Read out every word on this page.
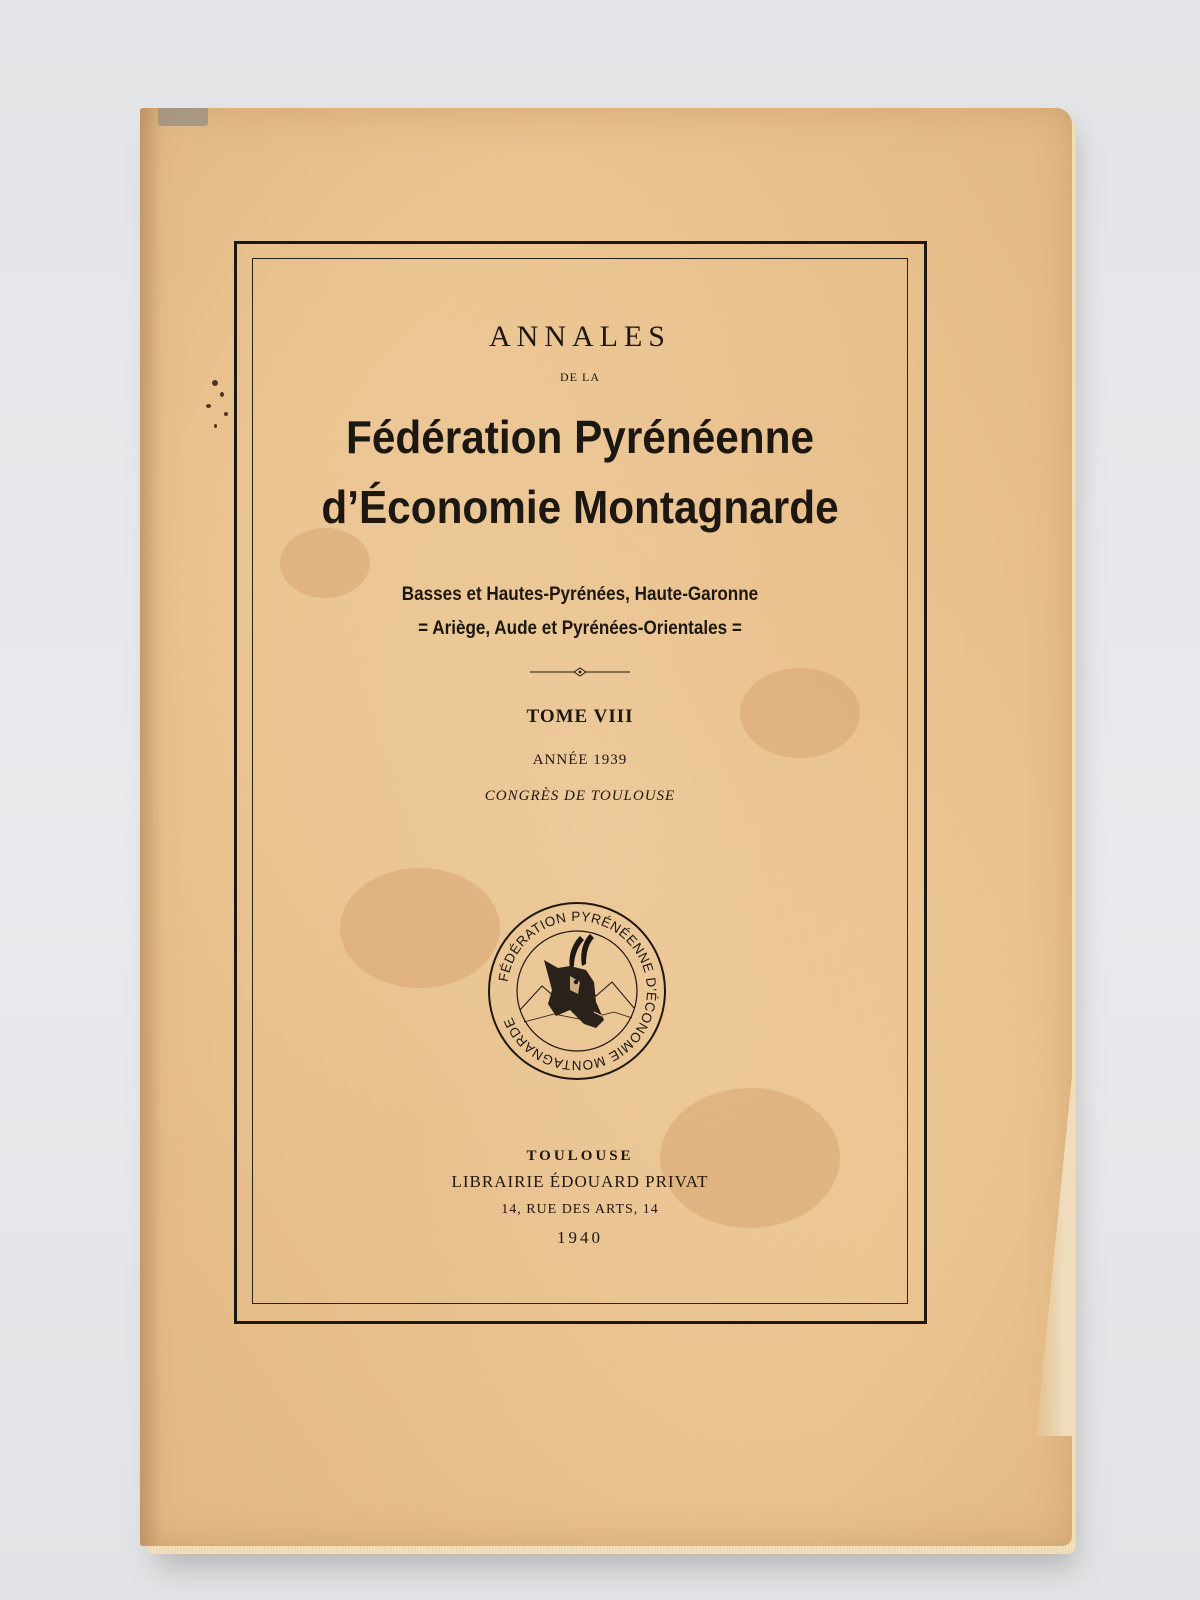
ANNALES
DE LA
Fédération Pyrénéenne
d’Économie Montagnarde
Basses et Hautes-Pyrénées, Haute-Garonne
= Ariège, Aude et Pyrénées-Orientales =
TOME VIII
ANNÉE 1939
CONGRÈS DE TOULOUSE
FÉDÉRATION PYRÉNÉENNE D’ÉCONOMIE MONTAGNARDE
TOULOUSE
LIBRAIRIE ÉDOUARD PRIVAT
14, RUE DES ARTS, 14
1940
